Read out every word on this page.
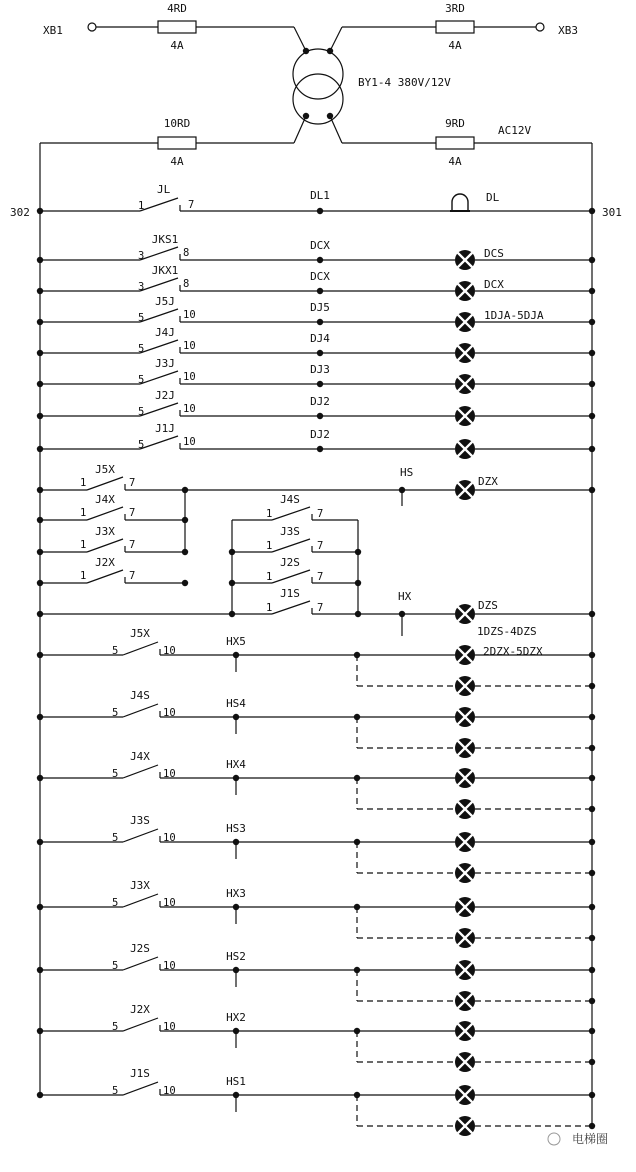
XB1
4RD
4A
XB3
3RD
4A
BY1-4 380V/12V
10RD
4A
9RD
4A
AC12V
302	301
1	7
JL	DL1	DL
3	8
JKS1	DCX
DCS
3	8
JKX1	DCX
DCX
5	10
J5J	DJ5
1DJA-5DJA
5	10
J4J	DJ4
5	10
J3J	DJ3
5	10
J2J	DJ2
5	10
J1J	DJ2
1	7
J5X
1	7
J4X
1	7
J3X
1	7
J2X
HS
DZX
1	7
J4S
1	7
J3S
1	7
J2S
1	7
J1S	HX
DZS
1DZS-4DZS
2DZX-5DZX
5	10
J5X
HX5
5	10
J4S
HS4
5	10
J4X
HX4
5	10
J3S
HS3
5	10
J3X
HX3
5	10
J2S
HS2
5	10
J2X
HX2
5	10
J1S
HS1
电梯圈
